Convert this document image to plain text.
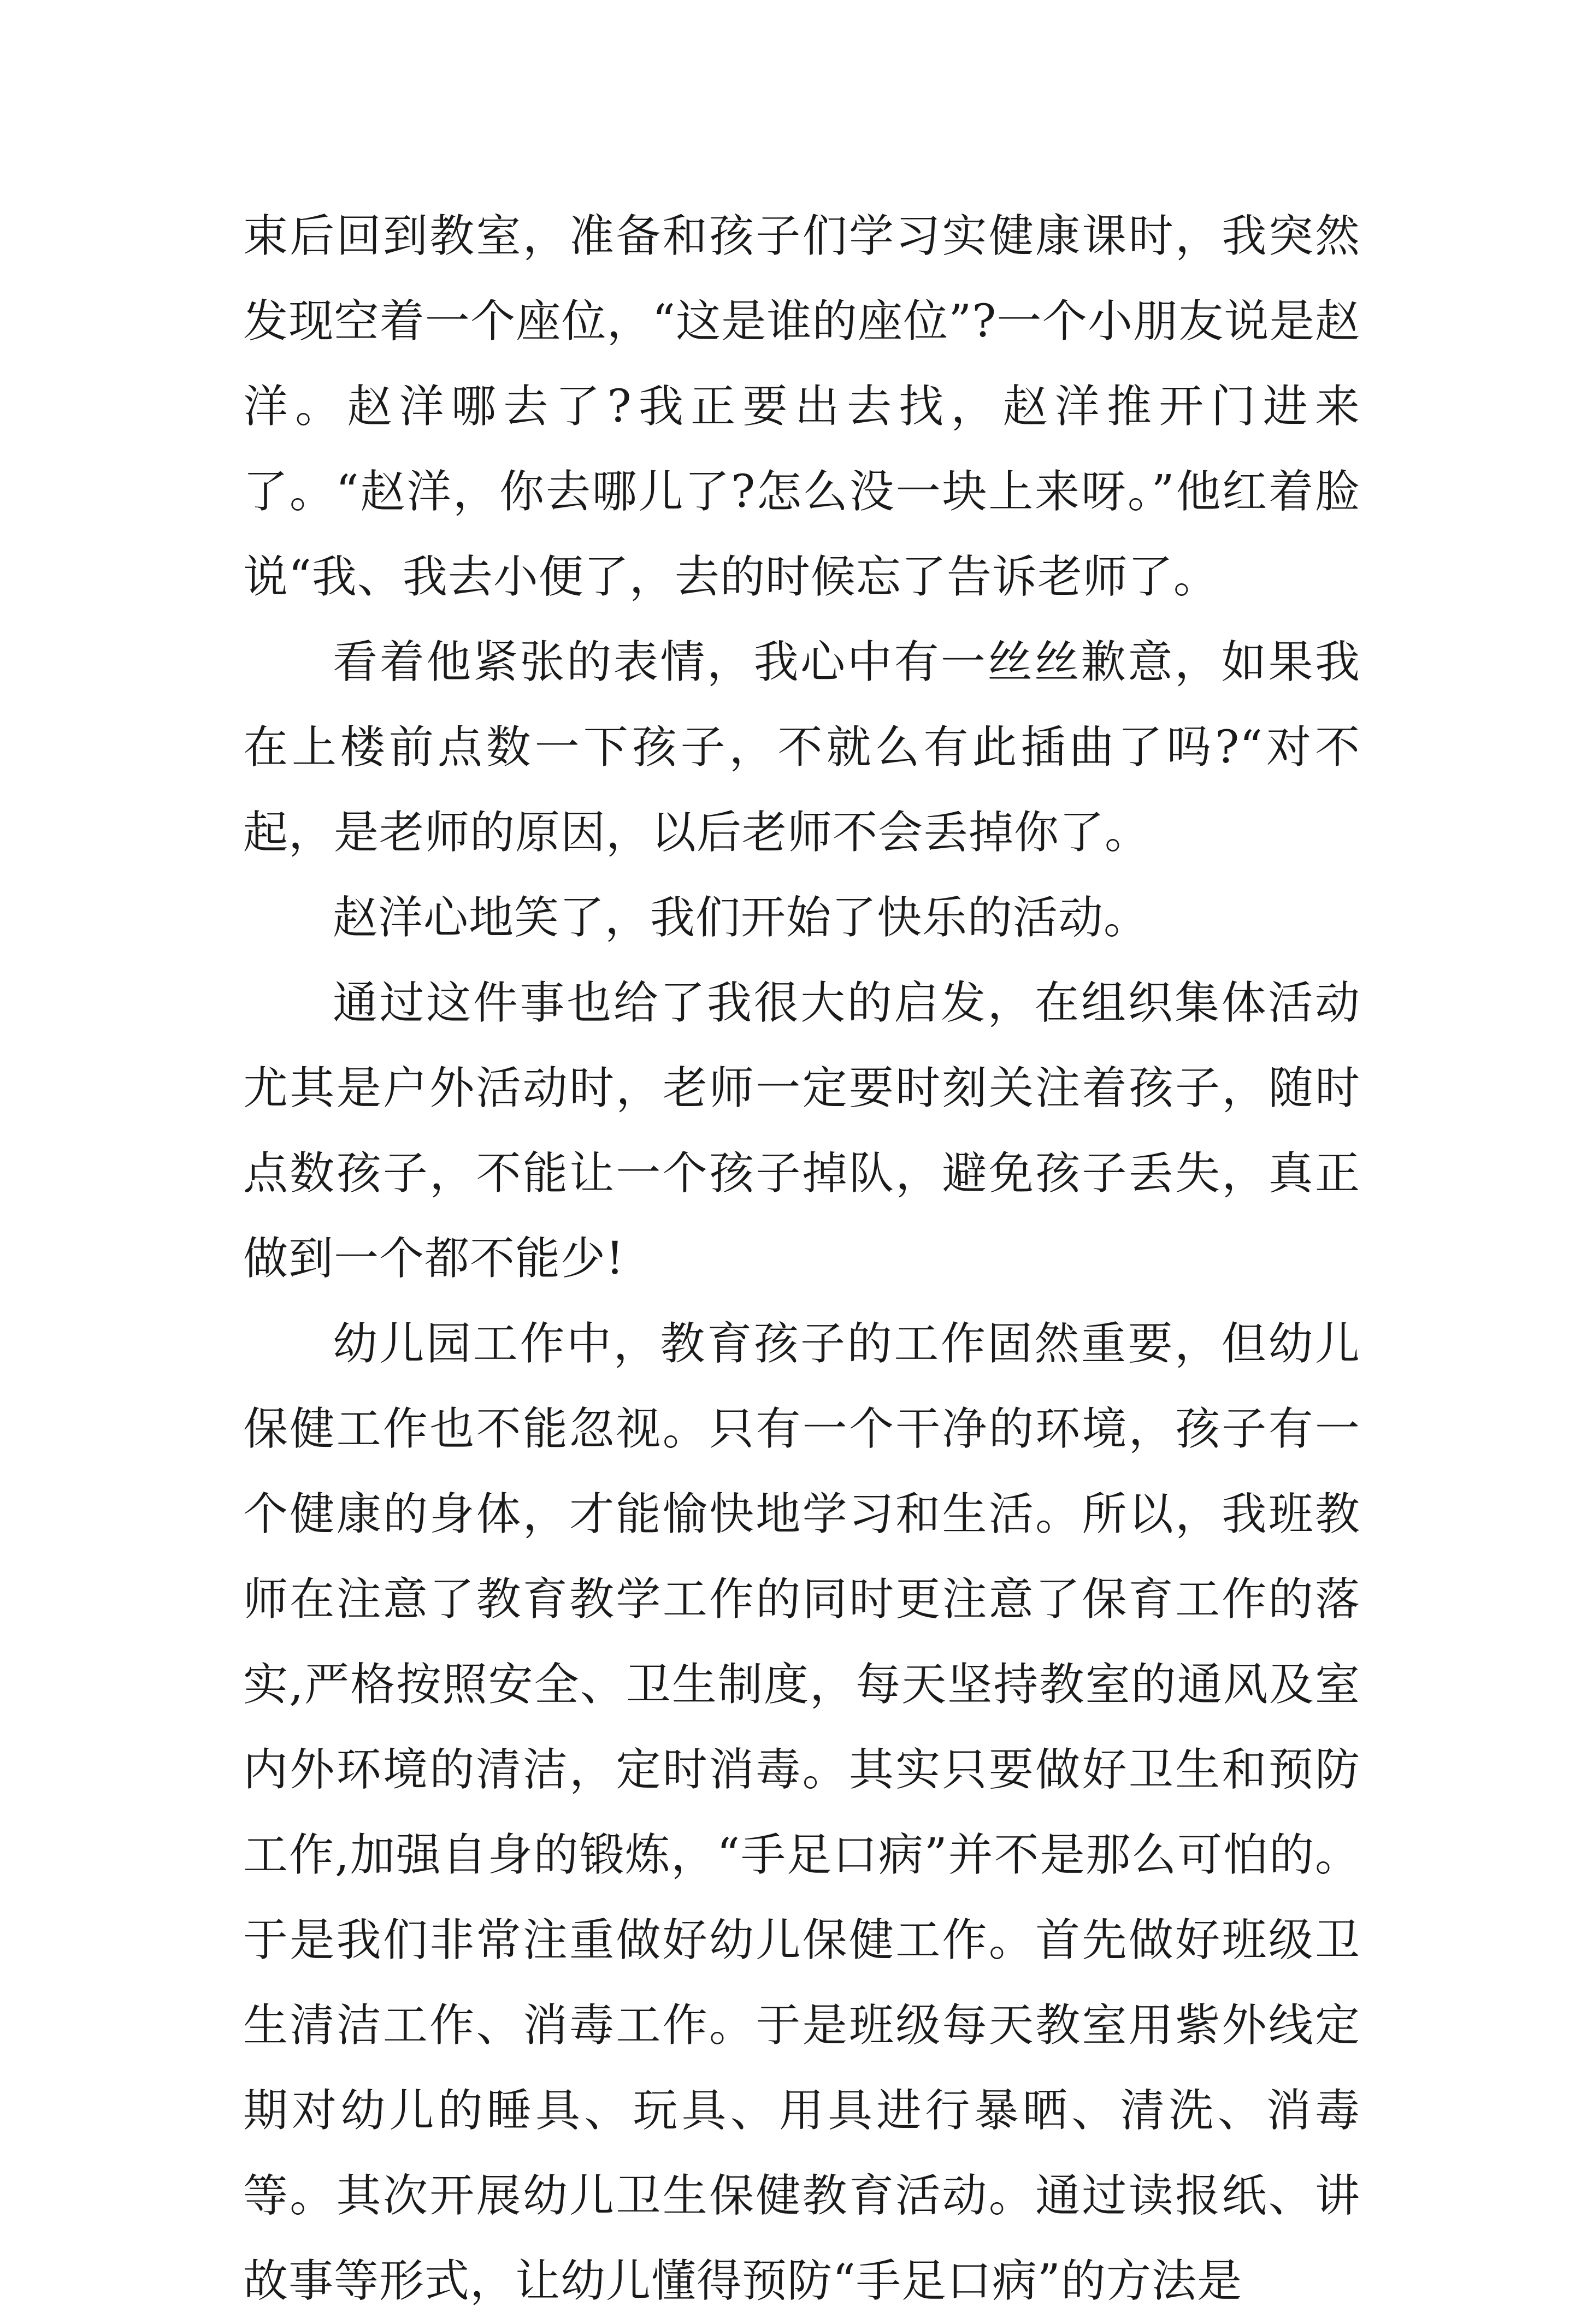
束后回到教室，准备和孩子们学习实健康课时，我突然发现空着一个座位，“这是谁的座位”?一个小朋友说是赵洋。赵洋哪去了?我正要出去找，赵洋推开门进来了。“赵洋，你去哪儿了?怎么没一块上来呀。”他红着脸说“我、我去小便了，去的时候忘了告诉老师了。

看着他紧张的表情，我心中有一丝丝歉意，如果我在上楼前点数一下孩子，不就么有此插曲了吗?“对不起，是老师的原因，以后老师不会丢掉你了。

赵洋心地笑了，我们开始了快乐的活动。

通过这件事也给了我很大的启发，在组织集体活动尤其是户外活动时，老师一定要时刻关注着孩子，随时点数孩子，不能让一个孩子掉队，避免孩子丢失，真正做到一个都不能少!

幼儿园工作中，教育孩子的工作固然重要，但幼儿保健工作也不能忽视。只有一个干净的环境，孩子有一个健康的身体，才能愉快地学习和生活。所以，我班教师在注意了教育教学工作的同时更注意了保育工作的落实,严格按照安全、卫生制度，每天坚持教室的通风及室内外环境的清洁，定时消毒。其实只要做好卫生和预防工作,加强自身的锻炼，“手足口病”并不是那么可怕的。于是我们非常注重做好幼儿保健工作。首先做好班级卫生清洁工作、消毒工作。于是班级每天教室用紫外线定期对幼儿的睡具、玩具、用具进行暴晒、清洗、消毒等。其次开展幼儿卫生保健教育活动。通过读报纸、讲故事等形式，让幼儿懂得预防“手足口病”的方法是
